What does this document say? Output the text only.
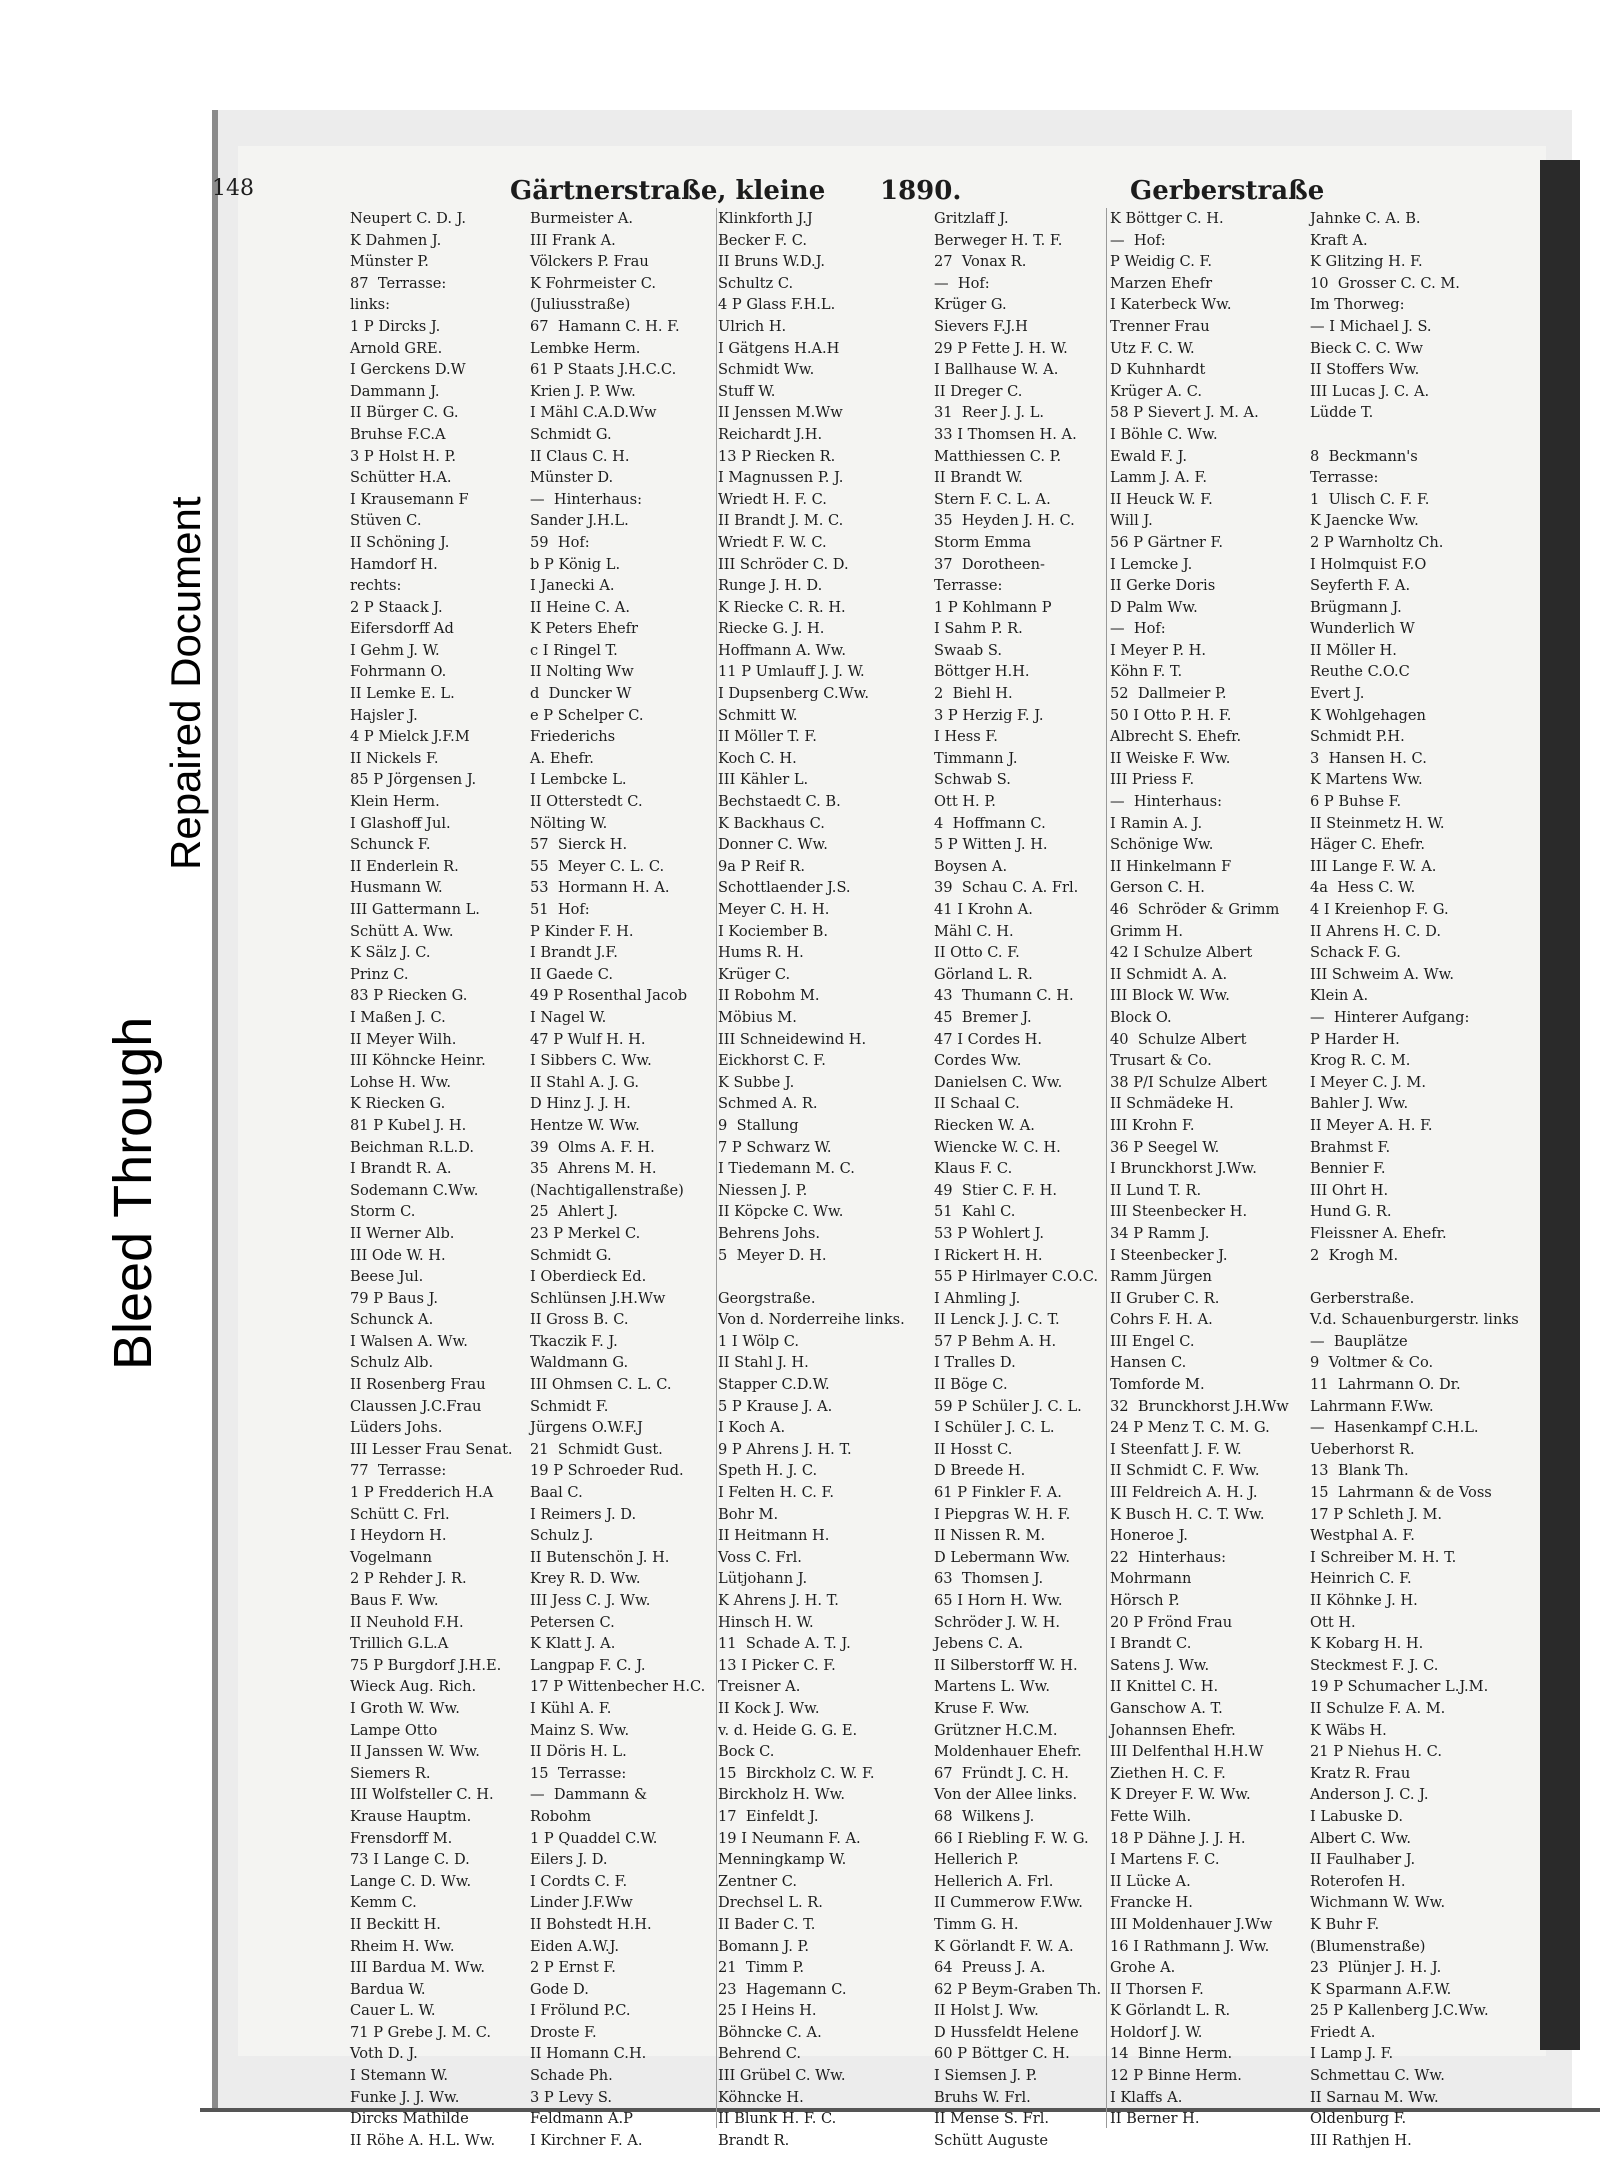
Bleed Through
Repaired Document
148	Gärtnerstraße, kleine 1890.	Gerberstraße
Neupert C. D. J.
K Dahmen J.
Münster P.
87  Terrasse:
links:
1 P Dircks J.
Arnold GRE.
I Gerckens D.W
Dammann J.
II Bürger C. G.
Bruhse F.C.A
3 P Holst H. P.
Schütter H.A.
I Krausemann F
Stüven C.
II Schöning J.
Hamdorf H.
rechts:
2 P Staack J.
Eifersdorff Ad
I Gehm J. W.
Fohrmann O.
II Lemke E. L.
Hajsler J.
4 P Mielck J.F.M
II Nickels F.
85 P Jörgensen J.
Klein Herm.
I Glashoff Jul.
Schunck F.
II Enderlein R.
Husmann W.
III Gattermann L.
Schütt A. Ww.
K Sälz J. C.
Prinz C.
83 P Riecken G.
I Maßen J. C.
II Meyer Wilh.
III Köhncke Heinr.
Lohse H. Ww.
K Riecken G.
81 P Kubel J. H.
Beichman R.L.D.
I Brandt R. A.
Sodemann C.Ww.
Storm C.
II Werner Alb.
III Ode W. H.
Beese Jul.
79 P Baus J.
Schunck A.
I Walsen A. Ww.
Schulz Alb.
II Rosenberg Frau
Claussen J.C.Frau
Lüders Johs.
III Lesser Frau Senat.
77  Terrasse:
1 P Fredderich H.A
Schütt C. Frl.
I Heydorn H.
Vogelmann
2 P Rehder J. R.
Baus F. Ww.
II Neuhold F.H.
Trillich G.L.A
75 P Burgdorf J.H.E.
Wieck Aug. Rich.
I Groth W. Ww.
Lampe Otto
II Janssen W. Ww.
Siemers R.
III Wolfsteller C. H.
Krause Hauptm.
Frensdorff M.
73 I Lange C. D.
Lange C. D. Ww.
Kemm C.
II Beckitt H.
Rheim H. Ww.
III Bardua M. Ww.
Bardua W.
Cauer L. W.
71 P Grebe J. M. C.
Voth D. J.
I Stemann W.
Funke J. J. Ww.
Dircks Mathilde
II Röhe A. H.L. Ww.
Burmeister A.
III Frank A.
Völckers P. Frau
K Fohrmeister C.
(Juliusstraße)
67  Hamann C. H. F.
Lembke Herm.
61 P Staats J.H.C.C.
Krien J. P. Ww.
I Mähl C.A.D.Ww
Schmidt G.
II Claus C. H.
Münster D.
—  Hinterhaus:
Sander J.H.L.
59  Hof:
b P König L.
I Janecki A.
II Heine C. A.
K Peters Ehefr
c I Ringel T.
II Nolting Ww
d  Duncker W
e P Schelper C.
Friederichs
A. Ehefr.
I Lembcke L.
II Otterstedt C.
Nölting W.
57  Sierck H.
55  Meyer C. L. C.
53  Hormann H. A.
51  Hof:
P Kinder F. H.
I Brandt J.F.
II Gaede C.
49 P Rosenthal Jacob
I Nagel W.
47 P Wulf H. H.
I Sibbers C. Ww.
II Stahl A. J. G.
D Hinz J. J. H.
Hentze W. Ww.
39  Olms A. F. H.
35  Ahrens M. H.
(Nachtigallenstraße)
25  Ahlert J.
23 P Merkel C.
Schmidt G.
I Oberdieck Ed.
Schlünsen J.H.Ww
II Gross B. C.
Tkaczik F. J.
Waldmann G.
III Ohmsen C. L. C.
Schmidt F.
Jürgens O.W.F.J
21  Schmidt Gust.
19 P Schroeder Rud.
Baal C.
I Reimers J. D.
Schulz J.
II Butenschön J. H.
Krey R. D. Ww.
III Jess C. J. Ww.
Petersen C.
K Klatt J. A.
Langpap F. C. J.
17 P Wittenbecher H.C.
I Kühl A. F.
Mainz S. Ww.
II Döris H. L.
15  Terrasse:
—  Dammann &
Robohm
1 P Quaddel C.W.
Eilers J. D.
I Cordts C. F.
Linder J.F.Ww
II Bohstedt H.H.
Eiden A.W.J.
2 P Ernst F.
Gode D.
I Frölund P.C.
Droste F.
II Homann C.H.
Schade Ph.
3 P Levy S.
Feldmann A.P
I Kirchner F. A.
Klinkforth J.J
Becker F. C.
II Bruns W.D.J.
Schultz C.
4 P Glass F.H.L.
Ulrich H.
I Gätgens H.A.H
Schmidt Ww.
Stuff W.
II Jenssen M.Ww
Reichardt J.H.
13 P Riecken R.
I Magnussen P. J.
Wriedt H. F. C.
II Brandt J. M. C.
Wriedt F. W. C.
III Schröder C. D.
Runge J. H. D.
K Riecke C. R. H.
Riecke G. J. H.
Hoffmann A. Ww.
11 P Umlauff J. J. W.
I Dupsenberg C.Ww.
Schmitt W.
II Möller T. F.
Koch C. H.
III Kähler L.
Bechstaedt C. B.
K Backhaus C.
Donner C. Ww.
9a P Reif R.
Schottlaender J.S.
Meyer C. H. H.
I Kociember B.
Hums R. H.
Krüger C.
II Robohm M.
Möbius M.
III Schneidewind H.
Eickhorst C. F.
K Subbe J.
Schmed A. R.
9  Stallung
7 P Schwarz W.
I Tiedemann M. C.
Niessen J. P.
II Köpcke C. Ww.
Behrens Johs.
5  Meyer D. H.
Georgstraße.
Von d. Norderreihe links.
1 I Wölp C.
II Stahl J. H.
Stapper C.D.W.
5 P Krause J. A.
I Koch A.
9 P Ahrens J. H. T.
Speth H. J. C.
I Felten H. C. F.
Bohr M.
II Heitmann H.
Voss C. Frl.
Lütjohann J.
K Ahrens J. H. T.
Hinsch H. W.
11  Schade A. T. J.
13 I Picker C. F.
Treisner A.
II Kock J. Ww.
v. d. Heide G. G. E.
Bock C.
15  Birckholz C. W. F.
Birckholz H. Ww.
17  Einfeldt J.
19 I Neumann F. A.
Menningkamp W.
Zentner C.
Drechsel L. R.
II Bader C. T.
Bomann J. P.
21  Timm P.
23  Hagemann C.
25 I Heins H.
Böhncke C. A.
Behrend C.
III Grübel C. Ww.
Köhncke H.
II Blunk H. F. C.
Brandt R.
Gritzlaff J.
Berweger H. T. F.
27  Vonax R.
—  Hof:
Krüger G.
Sievers F.J.H
29 P Fette J. H. W.
I Ballhause W. A.
II Dreger C.
31  Reer J. J. L.
33 I Thomsen H. A.
Matthiessen C. P.
II Brandt W.
Stern F. C. L. A.
35  Heyden J. H. C.
Storm Emma
37  Dorotheen-
Terrasse:
1 P Kohlmann P
I Sahm P. R.
Swaab S.
Böttger H.H.
2  Biehl H.
3 P Herzig F. J.
I Hess F.
Timmann J.
Schwab S.
Ott H. P.
4  Hoffmann C.
5 P Witten J. H.
Boysen A.
39  Schau C. A. Frl.
41 I Krohn A.
Mähl C. H.
II Otto C. F.
Görland L. R.
43  Thumann C. H.
45  Bremer J.
47 I Cordes H.
Cordes Ww.
Danielsen C. Ww.
II Schaal C.
Riecken W. A.
Wiencke W. C. H.
Klaus F. C.
49  Stier C. F. H.
51  Kahl C.
53 P Wohlert J.
I Rickert H. H.
55 P Hirlmayer C.O.C.
I Ahmling J.
II Lenck J. J. C. T.
57 P Behm A. H.
I Tralles D.
II Böge C.
59 P Schüler J. C. L.
I Schüler J. C. L.
II Hosst C.
D Breede H.
61 P Finkler F. A.
I Piepgras W. H. F.
II Nissen R. M.
D Lebermann Ww.
63  Thomsen J.
65 I Horn H. Ww.
Schröder J. W. H.
Jebens C. A.
II Silberstorff W. H.
Martens L. Ww.
Kruse F. Ww.
Grützner H.C.M.
Moldenhauer Ehefr.
67  Fründt J. C. H.
Von der Allee links.
68  Wilkens J.
66 I Riebling F. W. G.
Hellerich P.
Hellerich A. Frl.
II Cummerow F.Ww.
Timm G. H.
K Görlandt F. W. A.
64  Preuss J. A.
62 P Beym-Graben Th.
II Holst J. Ww.
D Hussfeldt Helene
60 P Böttger C. H.
I Siemsen J. P.
Bruhs W. Frl.
II Mense S. Frl.
Schütt Auguste
K Böttger C. H.
—  Hof:
P Weidig C. F.
Marzen Ehefr
I Katerbeck Ww.
Trenner Frau
Utz F. C. W.
D Kuhnhardt
Krüger A. C.
58 P Sievert J. M. A.
I Böhle C. Ww.
Ewald F. J.
Lamm J. A. F.
II Heuck W. F.
Will J.
56 P Gärtner F.
I Lemcke J.
II Gerke Doris
D Palm Ww.
—  Hof:
I Meyer P. H.
Köhn F. T.
52  Dallmeier P.
50 I Otto P. H. F.
Albrecht S. Ehefr.
II Weiske F. Ww.
III Priess F.
—  Hinterhaus:
I Ramin A. J.
Schönige Ww.
II Hinkelmann F
Gerson C. H.
46  Schröder & Grimm
Grimm H.
42 I Schulze Albert
II Schmidt A. A.
III Block W. Ww.
Block O.
40  Schulze Albert
Trusart & Co.
38 P/I Schulze Albert
II Schmädeke H.
III Krohn F.
36 P Seegel W.
I Brunckhorst J.Ww.
II Lund T. R.
III Steenbecker H.
34 P Ramm J.
I Steenbecker J.
Ramm Jürgen
II Gruber C. R.
Cohrs F. H. A.
III Engel C.
Hansen C.
Tomforde M.
32  Brunckhorst J.H.Ww
24 P Menz T. C. M. G.
I Steenfatt J. F. W.
II Schmidt C. F. Ww.
III Feldreich A. H. J.
K Busch H. C. T. Ww.
Honeroe J.
22  Hinterhaus:
Mohrmann
Hörsch P.
20 P Frönd Frau
I Brandt C.
Satens J. Ww.
II Knittel C. H.
Ganschow A. T.
Johannsen Ehefr.
III Delfenthal H.H.W
Ziethen H. C. F.
K Dreyer F. W. Ww.
Fette Wilh.
18 P Dähne J. J. H.
I Martens F. C.
II Lücke A.
Francke H.
III Moldenhauer J.Ww
16 I Rathmann J. Ww.
Grohe A.
II Thorsen F.
K Görlandt L. R.
Holdorf J. W.
14  Binne Herm.
12 P Binne Herm.
I Klaffs A.
II Berner H.
Jahnke C. A. B.
Kraft A.
K Glitzing H. F.
10  Grosser C. C. M.
Im Thorweg:
— I Michael J. S.
Bieck C. C. Ww
II Stoffers Ww.
III Lucas J. C. A.
Lüdde T.
8  Beckmann's
Terrasse:
1  Ulisch C. F. F.
K Jaencke Ww.
2 P Warnholtz Ch.
I Holmquist F.O
Seyferth F. A.
Brügmann J.
Wunderlich W
II Möller H.
Reuthe C.O.C
Evert J.
K Wohlgehagen
Schmidt P.H.
3  Hansen H. C.
K Martens Ww.
6 P Buhse F.
II Steinmetz H. W.
Häger C. Ehefr.
III Lange F. W. A.
4a  Hess C. W.
4 I Kreienhop F. G.
II Ahrens H. C. D.
Schack F. G.
III Schweim A. Ww.
Klein A.
—  Hinterer Aufgang:
P Harder H.
Krog R. C. M.
I Meyer C. J. M.
Bahler J. Ww.
II Meyer A. H. F.
Brahmst F.
Bennier F.
III Ohrt H.
Hund G. R.
Fleissner A. Ehefr.
2  Krogh M.
Gerberstraße.
V.d. Schauenburgerstr. links
—  Bauplätze
9  Voltmer & Co.
11  Lahrmann O. Dr.
Lahrmann F.Ww.
—  Hasenkampf C.H.L.
Ueberhorst R.
13  Blank Th.
15  Lahrmann & de Voss
17 P Schleth J. M.
Westphal A. F.
I Schreiber M. H. T.
Heinrich C. F.
II Köhnke J. H.
Ott H.
K Kobarg H. H.
Steckmest F. J. C.
19 P Schumacher L.J.M.
II Schulze F. A. M.
K Wäbs H.
21 P Niehus H. C.
Kratz R. Frau
Anderson J. C. J.
I Labuske D.
Albert C. Ww.
II Faulhaber J.
Roterofen H.
Wichmann W. Ww.
K Buhr F.
(Blumenstraße)
23  Plünjer J. H. J.
K Sparmann A.F.W.
25 P Kallenberg J.C.Ww.
Friedt A.
I Lamp J. F.
Schmettau C. Ww.
II Sarnau M. Ww.
Oldenburg F.
III Rathjen H.
